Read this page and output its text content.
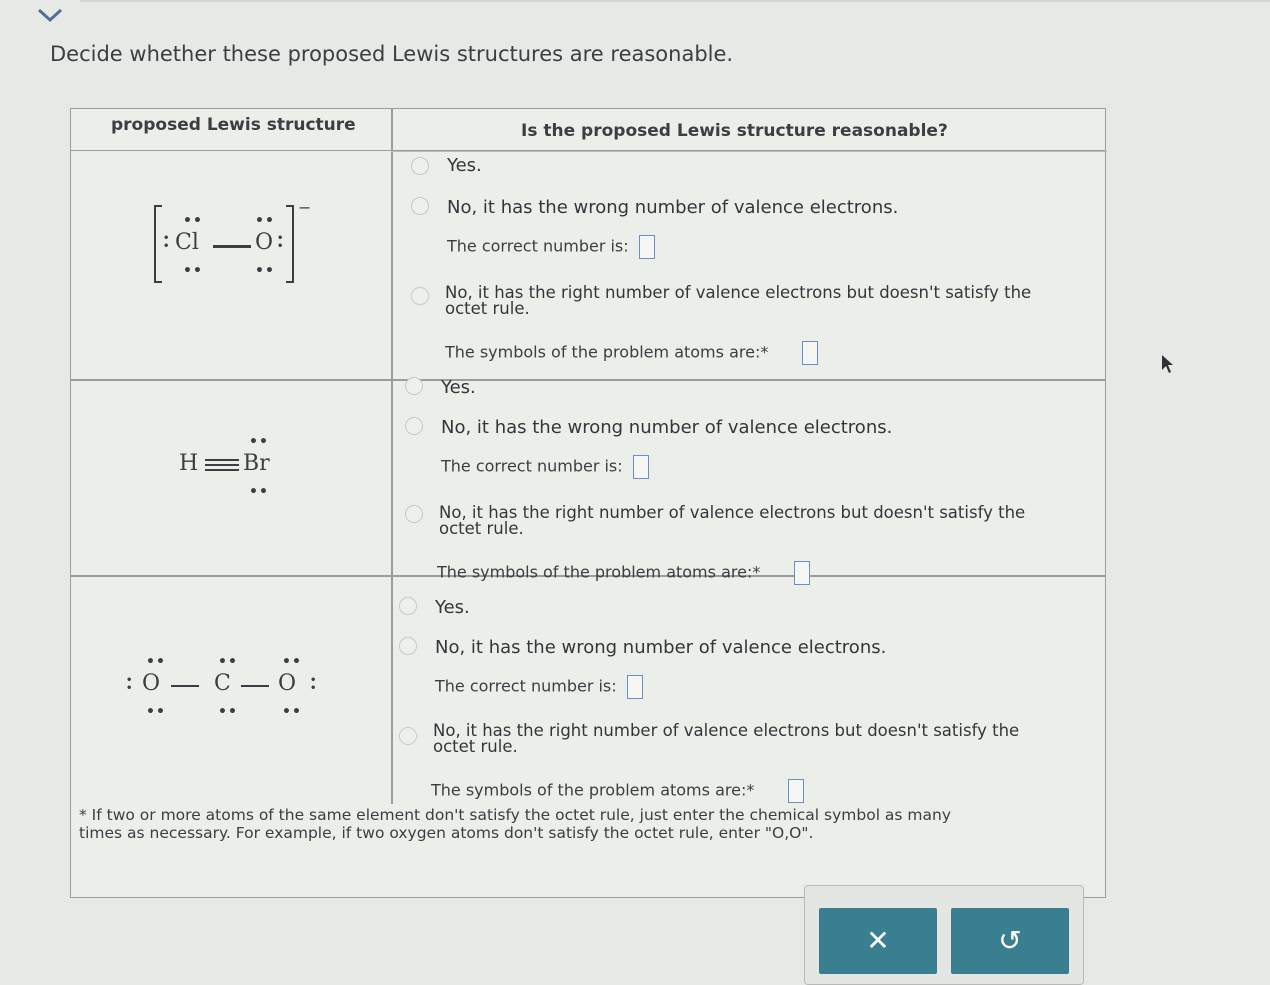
Decide whether these proposed Lewis structures are reasonable.
proposed Lewis structure	Is the proposed Lewis structure reasonable?
•
•
••
Cl
••
••
O
••
•
•
−
H
••
Br
••
•
•
••
O
••
••
C
••
••
O •
•
••
Yes.
No, it has the wrong number of valence electrons.
The correct number is:
No, it has the right number of valence electrons but doesn't satisfy the
octet rule.
The symbols of the problem atoms are:*
Yes.
No, it has the wrong number of valence electrons.
The correct number is:
No, it has the right number of valence electrons but doesn't satisfy the
octet rule.
The symbols of the problem atoms are:*
Yes.
No, it has the wrong number of valence electrons.
The correct number is:
No, it has the right number of valence electrons but doesn't satisfy the
octet rule.
The symbols of the problem atoms are:*
* If two or more atoms of the same element don't satisfy the octet rule, just enter the chemical symbol as many
times as necessary. For example, if two oxygen atoms don't satisfy the octet rule, enter "O,O".
✕	↺
